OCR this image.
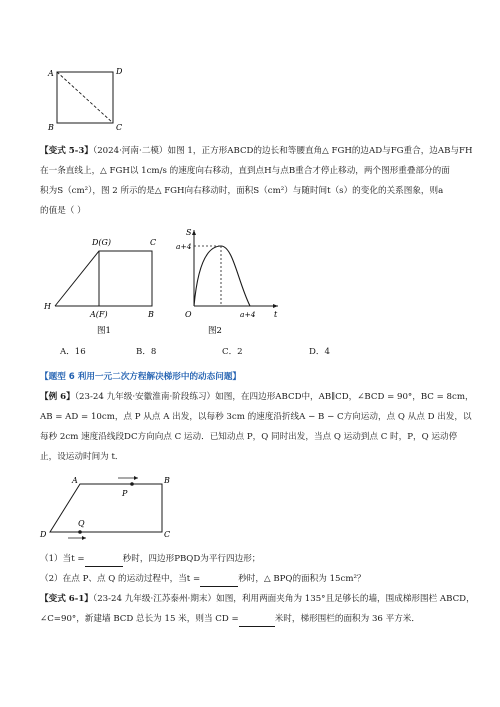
A	D
B	C
【变式 5-3】（2024·河南·二模）如图 1，正方形ABCD的边长和等腰直角△ FGH的边AD与FG重合，边AB与FH
在一条直线上，△ FGH以 1cm/s 的速度向右移动，直到点H与点B重合才停止移动，两个图形重叠部分的面
积为S（cm²），图 2 所示的是△ FGH向右移动时，面积S（cm²）与随时间t（s）的变化的关系图象，则a
的值是（ ）
D(G)	C
H
A(F)	B
图1
S
a+4
O	a+4 t
图2
A．16	B．8	C．2	D．4
【题型 6 利用一元二次方程解决梯形中的动态问题】
【例 6】（23-24 九年级·安徽淮南·阶段练习）如图，在四边形ABCD中，AB∥CD，∠BCD = 90°，BC = 8cm，
AB = AD = 10cm，点 P 从点 A 出发，以每秒 3cm 的速度沿折线A − B − C方向运动，点 Q 从点 D 出发，以
每秒 2cm 速度沿线段DC方向向点 C 运动．已知动点 P，Q 同时出发，当点 Q 运动到点 C 时，P，Q 运动停
止，设运动时间为 t．
A	B
C
D
P
Q
（1）当t =	秒时，四边形PBQD为平行四边形；
（2）在点 P、点 Q 的运动过程中，当t =	秒时，△ BPQ的面积为 15cm²？
【变式 6-1】（23-24 九年级·江苏泰州·期末）如图，利用两面夹角为 135°且足够长的墙，围成梯形围栏 ABCD，
∠C=90°，新建墙 BCD 总长为 15 米，则当 CD =	米时，梯形围栏的面积为 36 平方米．
